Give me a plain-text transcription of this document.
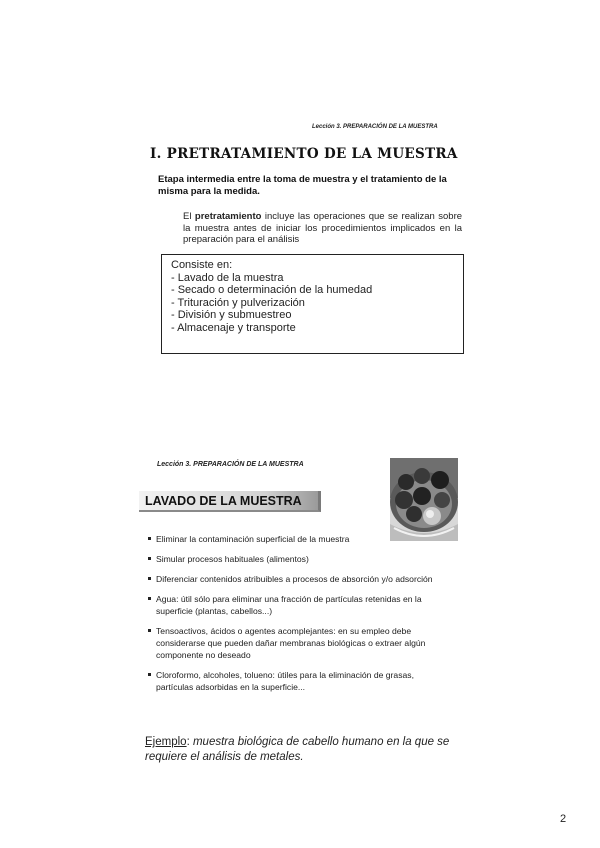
Lección 3. PREPARACIÓN DE LA MUESTRA
I. PRETRATAMIENTO DE LA MUESTRA
Etapa intermedia entre la toma de muestra y el tratamiento de la misma para la medida.
El pretratamiento incluye las operaciones que se realizan sobre la muestra antes de iniciar los procedimientos implicados en la preparación para el análisis
Consiste en:
- Lavado de la muestra
- Secado o determinación de la humedad
- Trituración y pulverización
- División y submuestreo
- Almacenaje y transporte
Lección 3. PREPARACIÓN DE LA MUESTRA
LAVADO DE LA MUESTRA
Eliminar la contaminación superficial de la muestra
Simular procesos habituales (alimentos)
Diferenciar contenidos atribuibles a procesos de absorción y/o adsorción
Agua: útil sólo para eliminar una fracción de partículas retenidas en la superficie (plantas, cabellos...)
Tensoactivos, ácidos o agentes acomplejantes: en su empleo debe considerarse que pueden dañar membranas biológicas o extraer algún componente no deseado
Cloroformo, alcoholes, tolueno: útiles para la eliminación de grasas, partículas adsorbidas en la superficie...
Ejemplo: muestra biológica de cabello humano en la que se requiere el análisis de metales.
2
